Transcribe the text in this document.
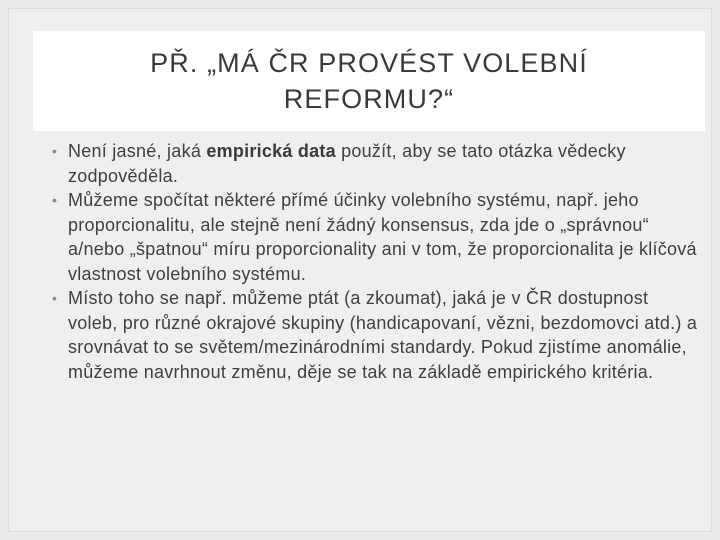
PŘ. „MÁ ČR PROVÉST VOLEBNÍ REFORMU?“
• Není jasné, jaká empirická data použít, aby se tato otázka vědecky zodpověděla.
• Můžeme spočítat některé přímé účinky volebního systému, např. jeho proporcionalitu, ale stejně není žádný konsensus, zda jde o „správnou“ a/nebo „špatnou“ míru proporcionality ani v tom, že proporcionalita je klíčová vlastnost volebního systému.
• Místo toho se např. můžeme ptát (a zkoumat), jaká je v ČR dostupnost voleb, pro různé okrajové skupiny (handicapovaní, vězni, bezdomovci atd.) a srovnávat to se světem/mezinárodními standardy. Pokud zjistíme anomálie, můžeme navrhnout změnu, děje se tak na základě empirického kritéria.
